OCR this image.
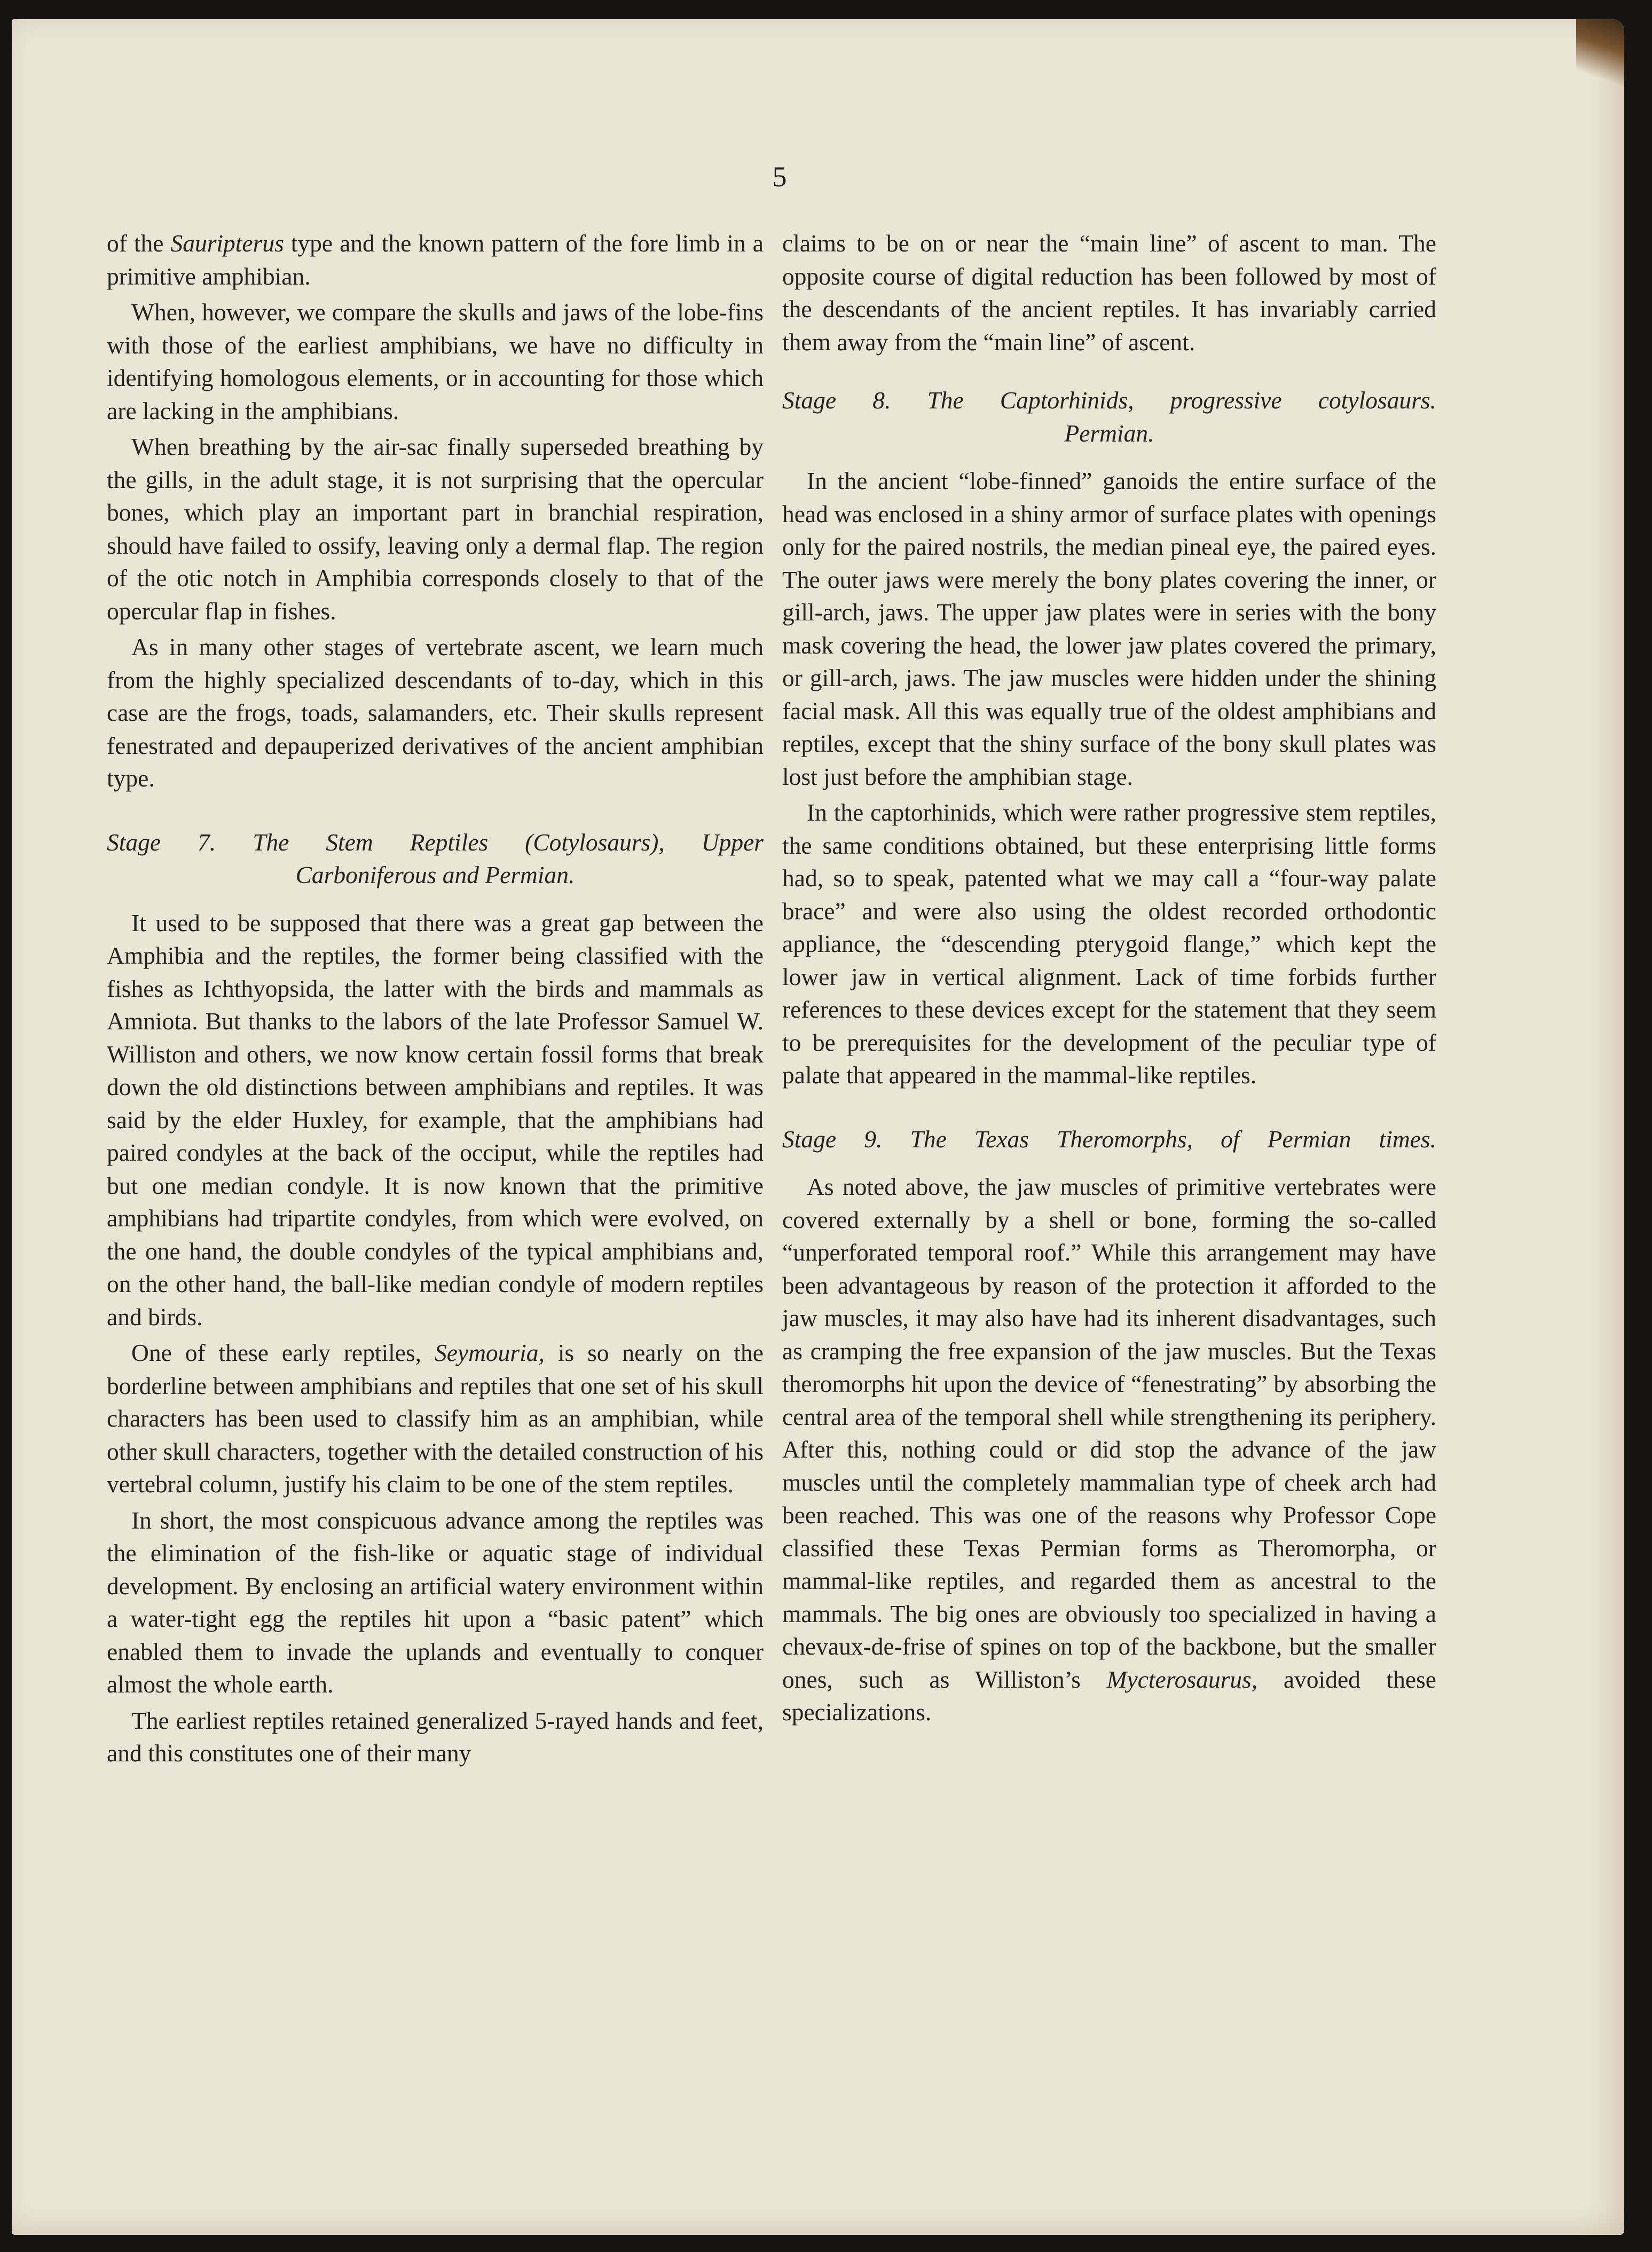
5

of the Sauripterus type and the known pattern of the fore limb in a primitive amphibian.

When, however, we compare the skulls and jaws of the lobe-fins with those of the earliest amphibians, we have no difficulty in identifying homologous elements, or in accounting for those which are lacking in the amphibians.

When breathing by the air-sac finally superseded breathing by the gills, in the adult stage, it is not surprising that the opercular bones, which play an important part in branchial respiration, should have failed to ossify, leaving only a dermal flap. The region of the otic notch in Amphibia corresponds closely to that of the opercular flap in fishes.

As in many other stages of vertebrate ascent, we learn much from the highly specialized descendants of to-day, which in this case are the frogs, toads, salamanders, etc. Their skulls represent fenestrated and depauperized derivatives of the ancient amphibian type.

Stage 7. The Stem Reptiles (Cotylosaurs), Upper
Carboniferous and Permian.

It used to be supposed that there was a great gap between the Amphibia and the reptiles, the former being classified with the fishes as Ichthyopsida, the latter with the birds and mammals as Amniota. But thanks to the labors of the late Professor Samuel W. Williston and others, we now know certain fossil forms that break down the old distinctions between amphibians and reptiles. It was said by the elder Huxley, for example, that the amphibians had paired condyles at the back of the occiput, while the reptiles had but one median condyle. It is now known that the primitive amphibians had tripartite condyles, from which were evolved, on the one hand, the double condyles of the typical amphibians and, on the other hand, the ball-like median condyle of modern reptiles and birds.

One of these early reptiles, Seymouria, is so nearly on the borderline between amphibians and reptiles that one set of his skull characters has been used to classify him as an amphibian, while other skull characters, together with the detailed construction of his vertebral column, justify his claim to be one of the stem reptiles.

In short, the most conspicuous advance among the reptiles was the elimination of the fish-like or aquatic stage of individual development. By enclosing an artificial watery environment within a water-tight egg the reptiles hit upon a “basic patent” which enabled them to invade the uplands and eventually to conquer almost the whole earth.

The earliest reptiles retained generalized 5-rayed hands and feet, and this constitutes one of their many

claims to be on or near the “main line” of ascent to man. The opposite course of digital reduction has been followed by most of the descendants of the ancient reptiles. It has invariably carried them away from the “main line” of ascent.

Stage 8. The Captorhinids, progressive cotylosaurs.
Permian.

In the ancient “lobe-finned” ganoids the entire surface of the head was enclosed in a shiny armor of surface plates with openings only for the paired nostrils, the median pineal eye, the paired eyes. The outer jaws were merely the bony plates covering the inner, or gill-arch, jaws. The upper jaw plates were in series with the bony mask covering the head, the lower jaw plates covered the primary, or gill-arch, jaws. The jaw muscles were hidden under the shining facial mask. All this was equally true of the oldest amphibians and reptiles, except that the shiny surface of the bony skull plates was lost just before the amphibian stage.

In the captorhinids, which were rather progressive stem reptiles, the same conditions obtained, but these enterprising little forms had, so to speak, patented what we may call a “four-way palate brace” and were also using the oldest recorded orthodontic appliance, the “descending pterygoid flange,” which kept the lower jaw in vertical alignment. Lack of time forbids further references to these devices except for the statement that they seem to be prerequisites for the development of the peculiar type of palate that appeared in the mammal-like reptiles.

Stage 9. The Texas Theromorphs, of Permian times.

As noted above, the jaw muscles of primitive vertebrates were covered externally by a shell or bone, forming the so-called “unperforated temporal roof.” While this arrangement may have been advantageous by reason of the protection it afforded to the jaw muscles, it may also have had its inherent disadvantages, such as cramping the free expansion of the jaw muscles. But the Texas theromorphs hit upon the device of “fenestrating” by absorbing the central area of the temporal shell while strengthening its periphery. After this, nothing could or did stop the advance of the jaw muscles until the completely mammalian type of cheek arch had been reached. This was one of the reasons why Professor Cope classified these Texas Permian forms as Theromorpha, or mammal-like reptiles, and regarded them as ancestral to the mammals. The big ones are obviously too specialized in having a chevaux-de-frise of spines on top of the backbone, but the smaller ones, such as Williston’s Mycterosaurus, avoided these specializations.
